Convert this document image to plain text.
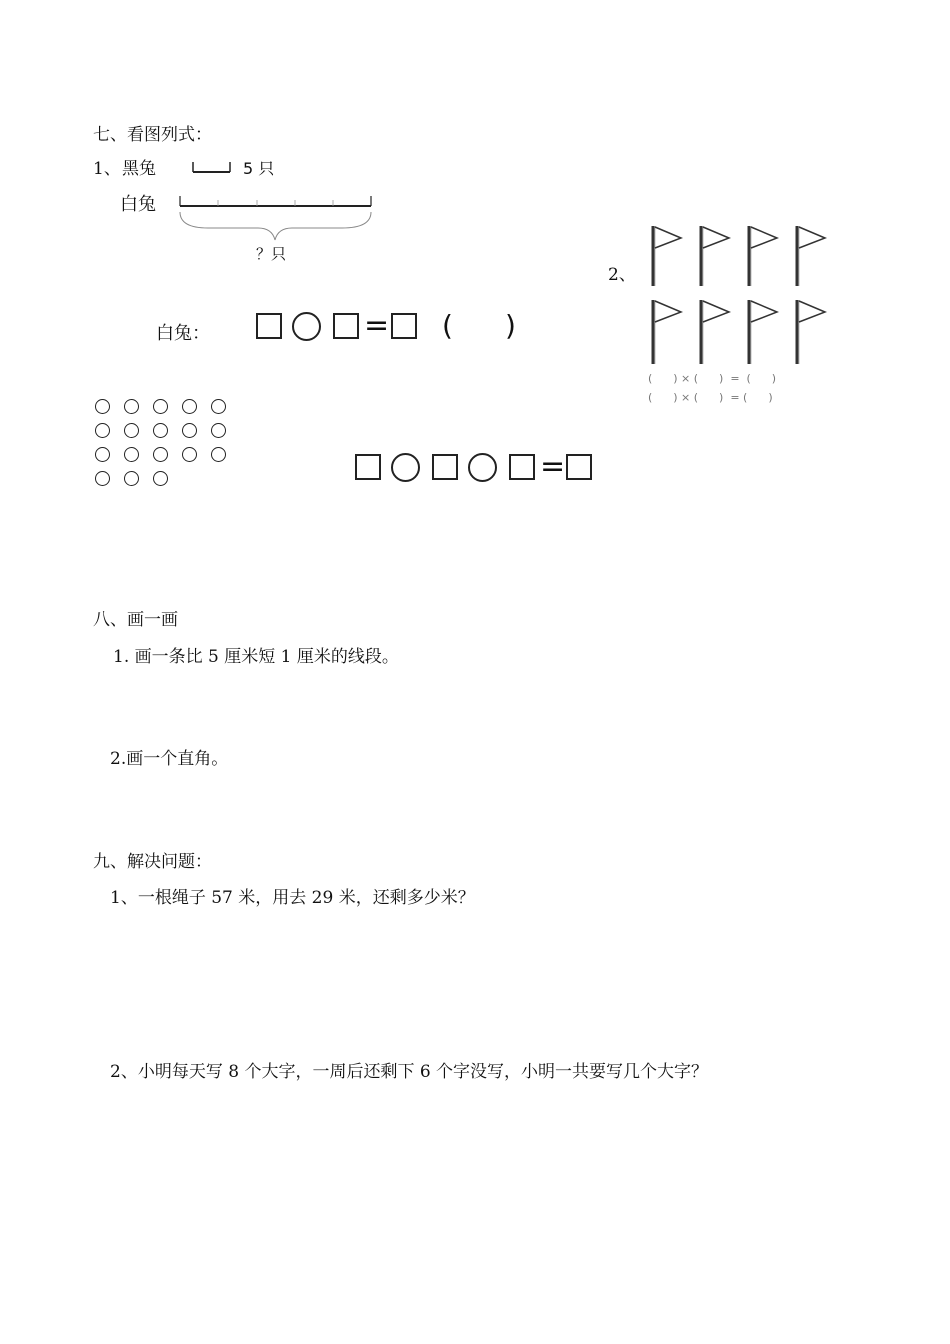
七、看图列式：
1、 黑兔	5 只
白兔
？只
白兔：	= ( )
=
2、
(      ) × (      )  =  (      )
(      ) × (      )  = (      )
八、画一画
1. 画一条比 5 厘米短 1 厘米的线段。
2.画一个直角。
九、解决问题：
1、一根绳子 57 米，用去 29 米，还剩多少米？
2、小明每天写 8 个大字，一周后还剩下 6 个字没写，小明一共要写几个大字？
